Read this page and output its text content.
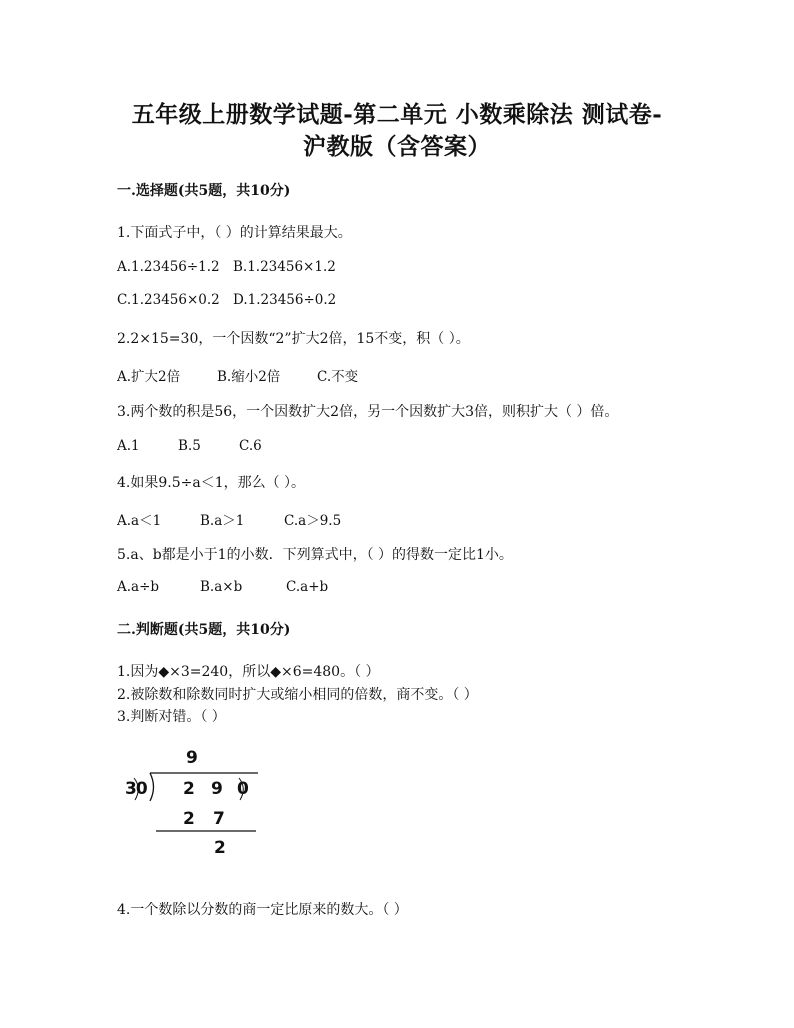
五年级上册数学试题-第二单元 小数乘除法 测试卷-
沪教版（含答案）
一.选择题(共5题，共10分)
1.下面式子中，（ ）的计算结果最大。
A.1.23456÷1.2 B.1.23456×1.2
C.1.23456×0.2 D.1.23456÷0.2
2.2×15=30，一个因数“2”扩大2倍，15不变，积（ ）。
A.扩大2倍	B.缩小2倍	C.不变
3.两个数的积是56，一个因数扩大2倍，另一个因数扩大3倍，则积扩大（ ）倍。
A.1	B.5	C.6
4.如果9.5÷a＜1，那么（ ）。
A.a＜1	B.a＞1	C.a＞9.5
5.a、b都是小于1的小数．下列算式中，（ ）的得数一定比1小。
A.a÷b	B.a×b	C.a+b
二.判断题(共5题，共10分)
1.因为◆×3=240，所以◆×6=480。（ ）
2.被除数和除数同时扩大或缩小相同的倍数，商不变。（ ）
3.判断对错。（ ）
9
30 2 9 0
2 7
2
4.一个数除以分数的商一定比原来的数大。（ ）
